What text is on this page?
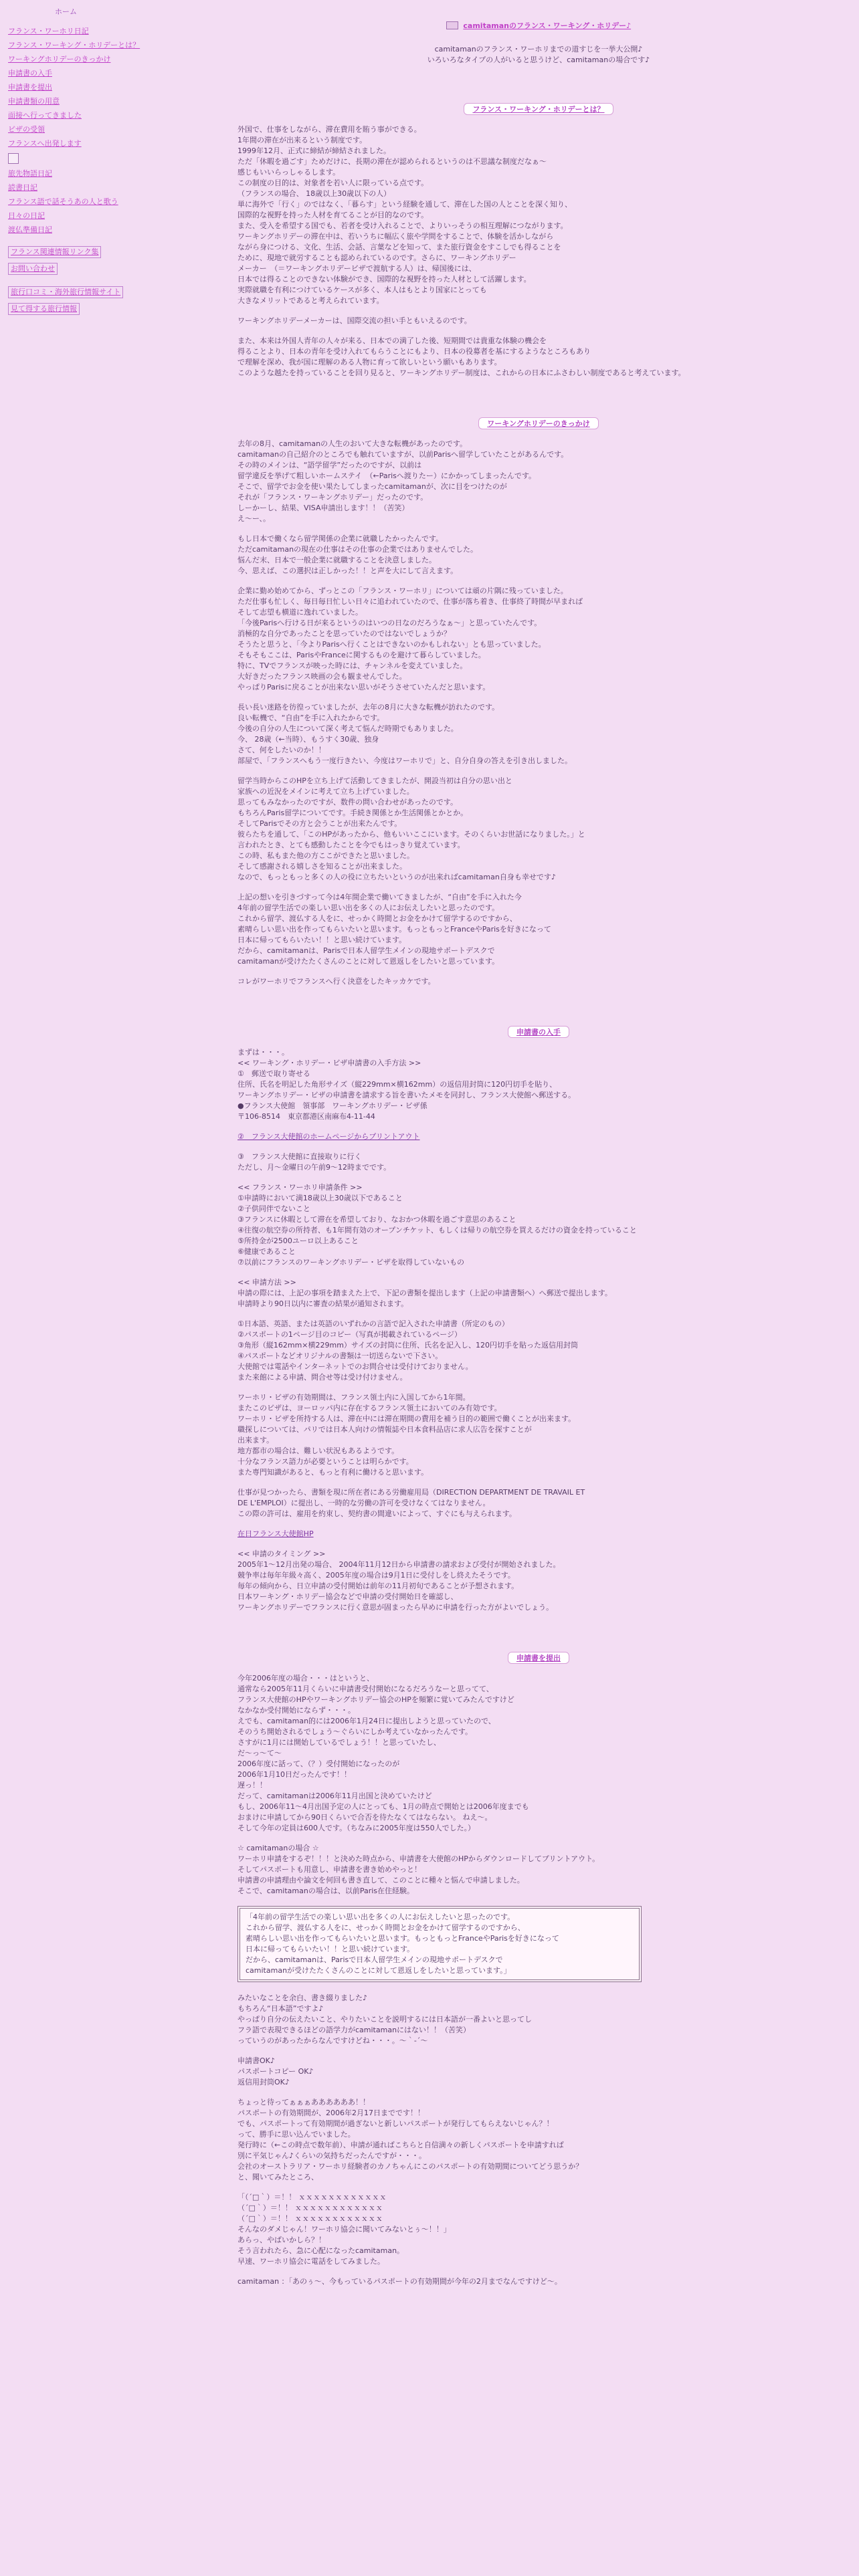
ホーム
フランス・ワーホリ日記
フランス・ワーキング・ホリデーとは？
ワーキングホリデーのきっかけ
申請書の入手
申請書を提出
申請書類の用意
面接へ行ってきました
ビザの受領
フランスへ出発します
旅先物語日記
読書日記
フランス語で話そうあの人と歌う
日々の日記
渡仏準備日記
フランス関連情報リンク集
お問い合わせ
旅行口コミ・海外旅行情報サイト
見て得する旅行情報
camitamanのフランス・ワーキング・ホリデー♪
camitamanのフランス・ワーホリまでの道すじを一挙大公開♪
いろいろなタイプの人がいると思うけど、camitamanの場合です♪
フランス・ワーキング・ホリデーとは？
外国で、仕事をしながら、滞在費用を賄う事ができる。
1年間の滞在が出来るという制度です。
1999年12月、正式に締結が締結されました。
ただ「休暇を過ごす」ためだけに、長期の滞在が認められるというのは不思議な制度だなぁ〜
感じもいいらっしゃるします。
この制度の目的は、対象者を若い人に限っている点です。
（フランスの場合、 18歳以上30歳以下の人）
単に海外で「行く」のではなく、「暮らす」という経験を通して、滞在した国の人とことを深く知り、
国際的な視野を持った人材を育てることが目的なのです。
また、受入を希望する国でも、若者を受け入れることで、よりいっそうの相互理解につながります。
ワーキングホリデーの滞在中は、若いうちに幅広く旅や学問をすることで、体験を活かしながら
ながら身につける、文化、生活、会話、言葉などを知って、また旅行資金をすこしでも得ることを
ために、現地で就労することも認められているのです。さらに、ワーキングホリデー
メーカー　（＝ワーキングホリデービザで渡航する人）は、帰国後には、
日本では得ることのできない体験ができ、国際的な視野を持った人材として活躍します。
実際就職を有利につけているケースが多く、本人はもとより国家にとっても
大きなメリットであると考えられています。
ワーキングホリデーメーカーは、国際交流の担い手ともいえるのです。
また、本来は外国人青年の人々が来る、日本での満了した後、短期間では貴重な体験の機会を
得ることより、日本の青年を受け入れてもらうことにもより、日本の役募者を基にするようなところもあり
で理解を深め、我が国に理解のある人物に育って欲しいという願いもあります。
このような越たを持っていることを回り見ると、ワーキングホリデー制度は、これからの日本にふさわしい制度であると考えています。
ワーキングホリデーのきっかけ
去年の8月、camitamanの人生のおいて大きな転機があったのです。
camitamanの自己紹介のところでも触れていますが、以前Parisへ留学していたことがあるんです。
その時のメインは、“語学留学”だったのですが、以前は
留学違反を挙げて粗しいホームステイ　（←Parisへ渡りたー）にかかってしまったんです。
そこで、留学でお金を使い果たしてしまったcamitamanが、次に目をつけたのが
それが「フランス・ワーキングホリデー」だったのです。
しーかーし、結果、VISA申請出します！！（苦笑）
え〜ー、。
もし日本で働くなら留学関係の企業に就職したかったんです。
ただcamitamanの現在の仕事はその仕事の企業ではありませんでした。
悩んだ末、日本で一般企業に就職することを決意しました。
今、思えば、この選択は正しかった！！と声を大にして言えます。
企業に勤め始めてから、ずっとこの「フランス・ワーホリ」については頑の片隅に残っていました。
ただ仕事も忙しく、毎日毎日忙しい日々に追われていたので、仕事が落ち着き、仕事終了時間が早まれば
そして志望も横道に逸れていました。
「今後Parisへ行ける日が来るというのはいつの日なのだろうなぁ〜」と思っていたんです。
消極的な自分であったことを思っていたのではないでしょうか？
そうたと思うと、「今よりParisへ行くことはできないのかもしれない」とも思っていました。
そもそもここは、ParisやFranceに関するものを避けて暮らしていました。
特に、TVでフランスが映った時には、チャンネルを変えていました。
大好きだったフランス映画の会も観ませんでした。
やっぱりParisに戻ることが出来ない思いがそうさせていたんだと思います。
長い長い迷路を彷徨っていましたが、去年の8月に大きな転機が訪れたのです。
良い転機で、“自由”を手に入れたからです。
今後の自分の人生について深く考えて悩んだ時期でもありました。
今、 28歳（←当時）、もうすく30歳、独身
さて、何をしたいのか！！
部屋で、「フランスへもう一度行きたい、今度はワーホリで」と、自分自身の答えを引き出しました。
留学当時からこのHPを立ち上げて活動してきましたが、開設当初は自分の思い出と
家族への近況をメインに考えて立ち上げていました。
思ってもみなかったのですが、数件の問い合わせがあったのです。
もちろんParis留学についてです。手続き関係とか生活関係とかとか。
そしてParisでその方と会うことが出来たんです。
彼らたちを通して、「このHPがあったから、他もいいここにいます。そのくらいお世話になりました。」と
言われたとき、とても感動したことを今でもはっきり覚えています。
この時、私もまた他の方ここができたと思いました。
そして感謝される嬉しさを知ることが出来ました。
なので、もっともっと多くの人の役に立ちたいというのが出来ればcamitaman自身も幸せです♪
上記の想いを引きづすって今は4年間企業で働いてきましたが、“自由”を手に入れた今
4年前の留学生活での楽しい思い出を多くの人にお伝えしたいと思ったのです。
これから留学、渡仏する人をに、せっかく時間とお金をかけて留学するのですから、
素晴らしい思い出を作ってもらいたいと思います。もっともっとFranceやParisを好きになって
日本に帰ってもらいたい！！と思い続けています。
だから、camitamanは、Parisで日本人留学生メインの現地サポートデスクで
camitamanが受けたたくさんのことに対して恩返しをしたいと思っています。
コレがワーホリでフランスへ行く決意をしたキッカケです。
申請書の入手
まずは・・・。
<< ワーキング・ホリデー・ビザ申請書の入手方法 >>
①　郵送で取り寄せる
住所、氏名を明記した角形サイズ（縦229mm×横162mm）の返信用封筒に120円切手を貼り、
ワーキングホリデー・ビザの申請書を請求する旨を書いたメモを同封し、フランス大使館へ郵送する。
●フランス大使館　領事部　ワーキングホリデー・ビザ係
〒106-8514　東京都港区南麻布4-11-44
②　フランス大使館のホームページからプリントアウト
③　フランス大使館に直接取りに行く
ただし、月〜金曜日の午前9〜12時までです。
<< フランス・ワーホリ申請条件 >>
①申請時において満18歳以上30歳以下であること
②子供同伴でないこと
③フランスに休暇として滞在を希望しており、なおかつ休暇を過ごす意思のあること
④往復の航空券の所持者、も1年間有効のオープンチケット、もしくは帰りの航空券を買えるだけの資金を持っていること
⑤所持金が2500ユーロ以上あること
⑥健康であること
⑦以前にフランスのワーキングホリデー・ビザを取得していないもの
<< 申請方法 >>
申請の際には、上記の事項を踏まえた上で、下記の書類を提出します（上記の申請書類へ）へ郵送で提出します。
申請時より90日以内に審査の結果が通知されます。
①日本語、英語、または英語のいずれかの言語で記入された申請書（所定のもの）
②パスポートの1ページ目のコピー（写真が掲載されているページ）
③角形（縦162mm×横229mm）サイズの封筒に住所、氏名を記入し、120円切手を貼った返信用封筒
④パスポートなどオリジナルの書類は一切送らないで下さい。
大使館では電話やインターネットでのお問合せは受付けておりません。
また来館による申請、問合せ等は受け付けません。
ワーホリ・ビザの有効期間は、フランス領土内に入国してから1年間。
またこのビザは、ヨーロッパ内に存在するフランス領土においてのみ有効です。
ワーホリ・ビザを所持する人は、滞在中には滞在期間の費用を補う目的の範囲で働くことが出来ます。
職探しについては、パリでは日本人向けの情報誌や日本食料品店に求人広告を探すことが
出来ます。
地方都市の場合は、難しい状況もあるようです。
十分なフランス語力が必要ということは明らかです。
また専門知識があると、もっと有利に働けると思います。
仕事が見つかったら、書類を現に所在者にある労働雇用局（DIRECTION DEPARTMENT DE TRAVAIL ET
DE L'EMPLOI）に提出し、一時的な労働の許可を受けなくてはなりません。
この際の許可は、雇用を約束し、契約書の間違いによって、すぐにも与えられます。
在日フランス大使館HP
<< 申請のタイミング >>
2005年1〜12月出発の場合、 2004年11月12日から申請書の請求および受付が開始されました。
競争率は毎年年級々高く、2005年度の場合は9月1日に受付しをし終えたそうです。
毎年の傾向から、日立申請の受付開始は前年の11月初旬であることが予想されます。
日本ワーキング・ホリデー協会などで申請の受付開始日を確認し、
ワーキングホリデーでフランスに行く意思が固まったら早めに申請を行った方がよいでしょう。
申請書を提出
今年2006年度の場合・・・はというと、
通常なら2005年11月くらいに申請書受付開始になるだろうなーと思ってて、
フランス大使館のHPやワーキングホリデー協会のHPを頻繁に覚いてみたんですけど
なかなか受付開始にならず・・・。
えでも、camitaman的には2006年1月24日に提出しようと思っていたので、
そのうち開始されるでしょう〜ぐらいにしか考えていなかったんです。
さすがに1月には開始しているでしょう！！と思っていたし、
だ〜っ〜て〜
2006年度に話って、（？）受付開始になったのが
2006年1月10日だったんです！！
遅っ！！
だって、camitamanは2006年11月出国と決めていたけど
もし、2006年11〜4月出国予定の人にとっても、1月の時点で開始とは2006年度までも
おまけに申請してから90日くらいで合否を待たなくてはならない。 ねえ〜。
そして今年の定員は600人です。（ちなみに2005年度は550人でした。）
☆ camitamanの場合 ☆
ワーホリ申請をするぞ！！！と決めた時点から、申請書を大使館のHPからダウンロードしてプリントアウト。
そしてパスポートも用意し、申請書を書き始めやっと！
申請書の申請理由や論文を何回も書き直して、このことに種々と悩んで申請しました。
そこで、camitamanの場合は、以前Paris在住経験。
「4年前の留学生活での楽しい思い出を多くの人にお伝えしたいと思ったのです。
これから留学、渡仏する人をに、せっかく時間とお金をかけて留学するのですから、
素晴らしい思い出を作ってもらいたいと思います。もっともっとFranceやParisを好きになって
日本に帰ってもらいたい！！と思い続けています。
だから、camitamanは、Parisで日本人留学生メインの現地サポートデスクで
camitamanが受けたたくさんのことに対して恩返しをしたいと思っています。」
みたいなことを余白、書き綴りました♪
もちろん“日本語”ですよ♪
やっぱり自分の伝えたいこと、やりたいことを説明するには日本語が一番よいと思ってし
フラ語で表現できるほどの語学力がcamitamanにはない！！（苦笑）
っていうのがあったからなんですけどね・・・。〜｀-´〜
申請書OK♪
パスポートコピー OK♪
返信用封筒OK♪
ちょっと待ってぁぁぁああああああ！！
パスポートの有効期間が、2006年2月17日までです！！
でも、パスポートって有効期間が過ぎないと新しいパスポートが発行してもらえないじゃん？！
って、勝手に思い込んでいました。
発行時に（←この時点で数年前）、申請が通ればこちらと自信満々の新しくパスポートを申請すれば
別に平気じゃん♪くらいの気持ちだったんですが・・・。
会社のオーストラリア・ワーホリ経験者のカノちゃんにこのパスポートの有効期間についてどう思うか？
と、聞いてみたところ、
「（´□｀）＝！！ ｘｘｘｘｘｘｘｘｘｘｘｘ
（´□｀）＝！！ ｘｘｘｘｘｘｘｘｘｘｘｘ
（´□｀）＝！！ ｘｘｘｘｘｘｘｘｘｘｘｘ
そんなのダメじゃん！ワーホリ協会に聞いてみないとぅ〜！！」
あらっ、やばいかしら？！
そう言われたら、急に心配になったcamitaman。
早速、ワーホリ協会に電話をしてみました。
camitaman ：「あのぅ〜、今もっているパスポートの有効期間が今年の2月までなんですけど〜。
